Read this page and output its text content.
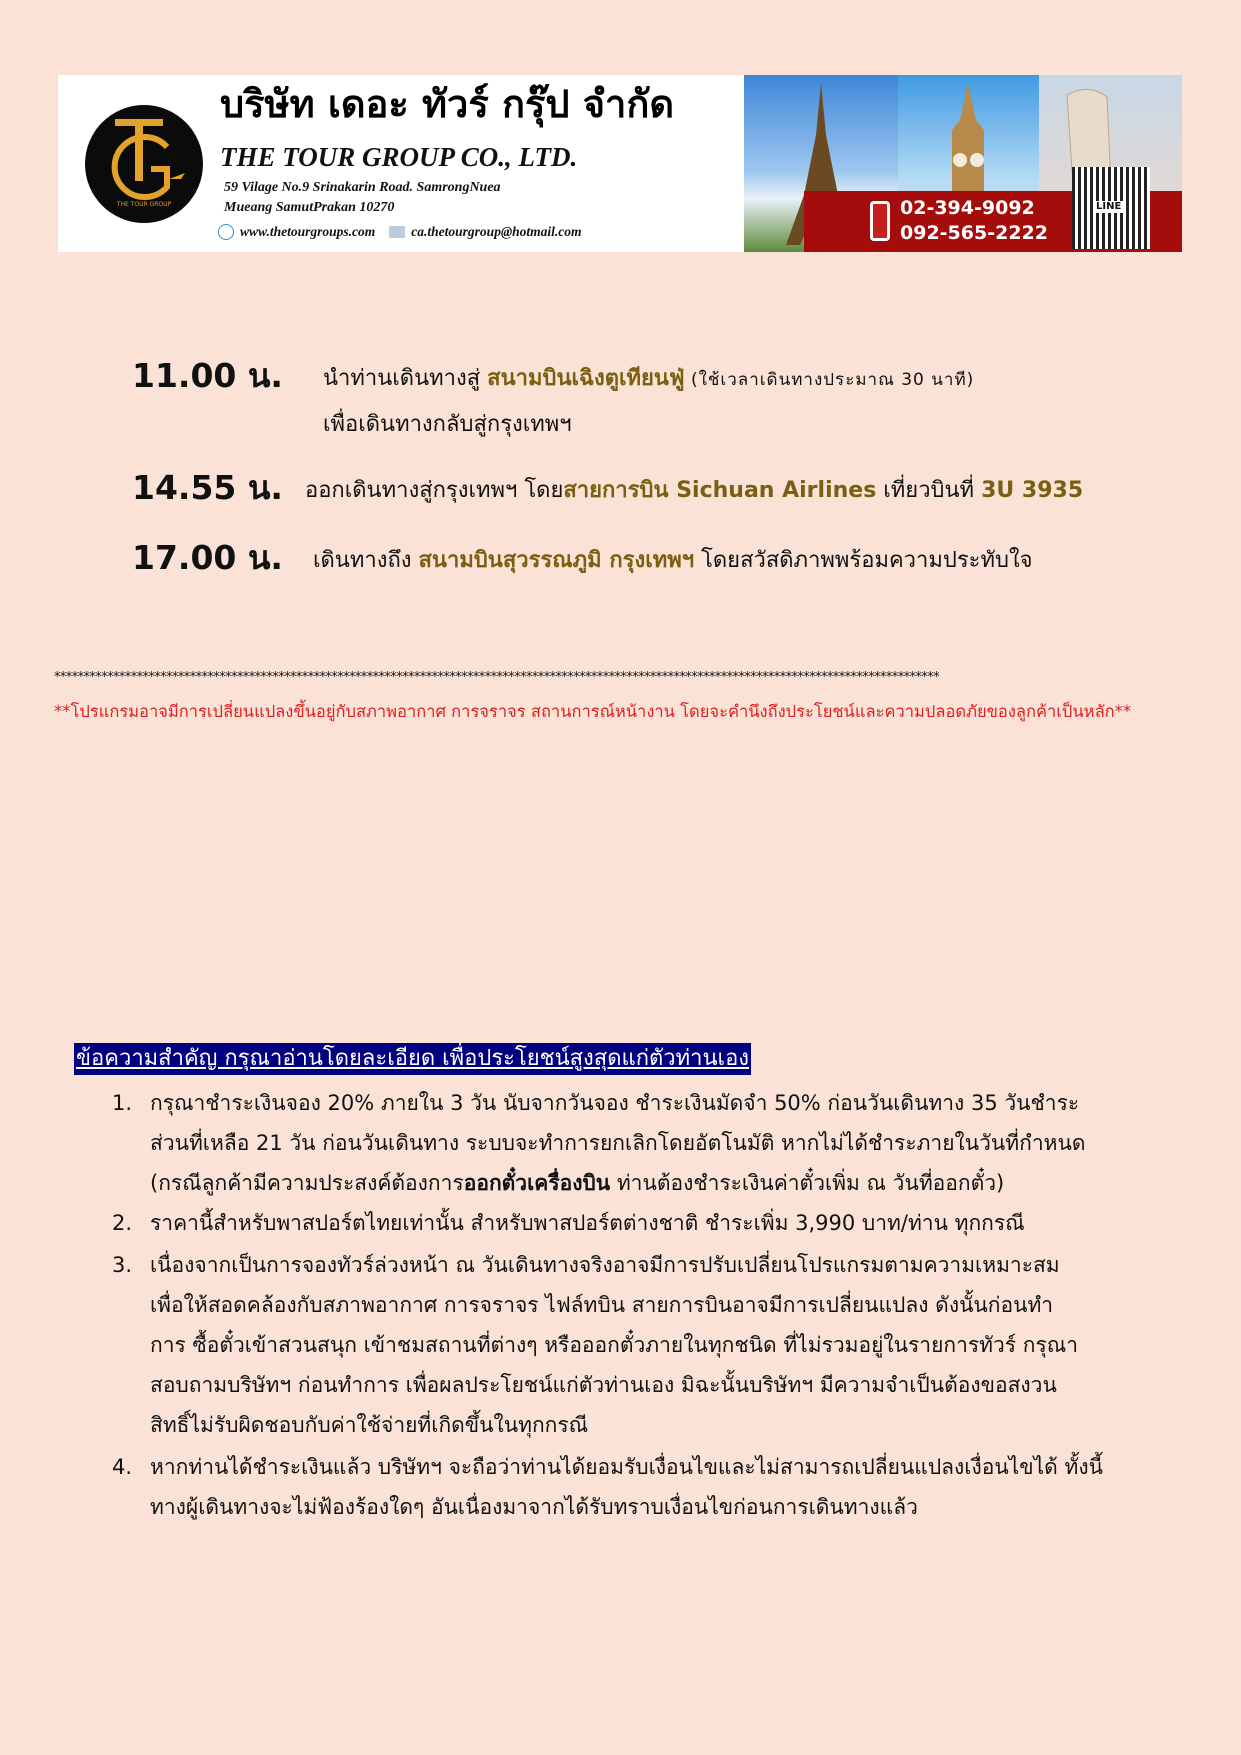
THE TOUR GROUP
บริษัท เดอะ ทัวร์ กรุ๊ป จำกัด
THE TOUR GROUP CO., LTD.
59 Vilage No.9 Srinakarin Road. SamrongNuea
Mueang SamutPrakan 10270
www.thetourgroups.com	ca.thetourgroup@hotmail.com
02-394-9092
092-565-2222
LINE
11.00 น. นำท่านเดินทางสู่ สนามบินเฉิงตูเทียนฟู่ (ใช้เวลาเดินทางประมาณ 30 นาที)
เพื่อเดินทางกลับสู่กรุงเทพฯ
14.55 น. ออกเดินทางสู่กรุงเทพฯ โดยสายการบิน Sichuan Airlines เที่ยวบินที่ 3U 3935
17.00 น. เดินทางถึง สนามบินสุวรรณภูมิ กรุงเทพฯ โดยสวัสดิภาพพร้อมความประทับใจ
******************************************************************************************************************************************************
**โปรแกรมอาจมีการเปลี่ยนแปลงขึ้นอยู่กับสภาพอากาศ การจราจร สถานการณ์หน้างาน โดยจะคำนึงถึงประโยชน์และความปลอดภัยของลูกค้าเป็นหลัก**
ข้อความสำคัญ กรุณาอ่านโดยละเอียด เพื่อประโยชน์สูงสุดแก่ตัวท่านเอง
1. กรุณาชำระเงินจอง 20% ภายใน 3 วัน นับจากวันจอง ชำระเงินมัดจำ 50% ก่อนวันเดินทาง 35 วันชำระ
ส่วนที่เหลือ 21 วัน ก่อนวันเดินทาง ระบบจะทำการยกเลิกโดยอัตโนมัติ หากไม่ได้ชำระภายในวันที่กำหนด
(กรณีลูกค้ามีความประสงค์ต้องการออกตั๋วเครื่องบิน ท่านต้องชำระเงินค่าตั๋วเพิ่ม ณ วันที่ออกตั๋ว)
2. ราคานี้สำหรับพาสปอร์ตไทยเท่านั้น สำหรับพาสปอร์ตต่างชาติ ชำระเพิ่ม 3,990 บาท/ท่าน ทุกกรณี
3. เนื่องจากเป็นการจองทัวร์ล่วงหน้า ณ วันเดินทางจริงอาจมีการปรับเปลี่ยนโปรแกรมตามความเหมาะสม
เพื่อให้สอดคล้องกับสภาพอากาศ การจราจร ไฟล์ทบิน สายการบินอาจมีการเปลี่ยนแปลง ดังนั้นก่อนทำ
การ ซื้อตั๋วเข้าสวนสนุก เข้าชมสถานที่ต่างๆ หรือออกตั๋วภายในทุกชนิด ที่ไม่รวมอยู่ในรายการทัวร์ กรุณา
สอบถามบริษัทฯ ก่อนทำการ เพื่อผลประโยชน์แก่ตัวท่านเอง มิฉะนั้นบริษัทฯ มีความจำเป็นต้องขอสงวน
สิทธิ์ไม่รับผิดชอบกับค่าใช้จ่ายที่เกิดขึ้นในทุกกรณี
4. หากท่านได้ชำระเงินแล้ว บริษัทฯ จะถือว่าท่านได้ยอมรับเงื่อนไขและไม่สามารถเปลี่ยนแปลงเงื่อนไขได้ ทั้งนี้
ทางผู้เดินทางจะไม่ฟ้องร้องใดๆ อันเนื่องมาจากได้รับทราบเงื่อนไขก่อนการเดินทางแล้ว
